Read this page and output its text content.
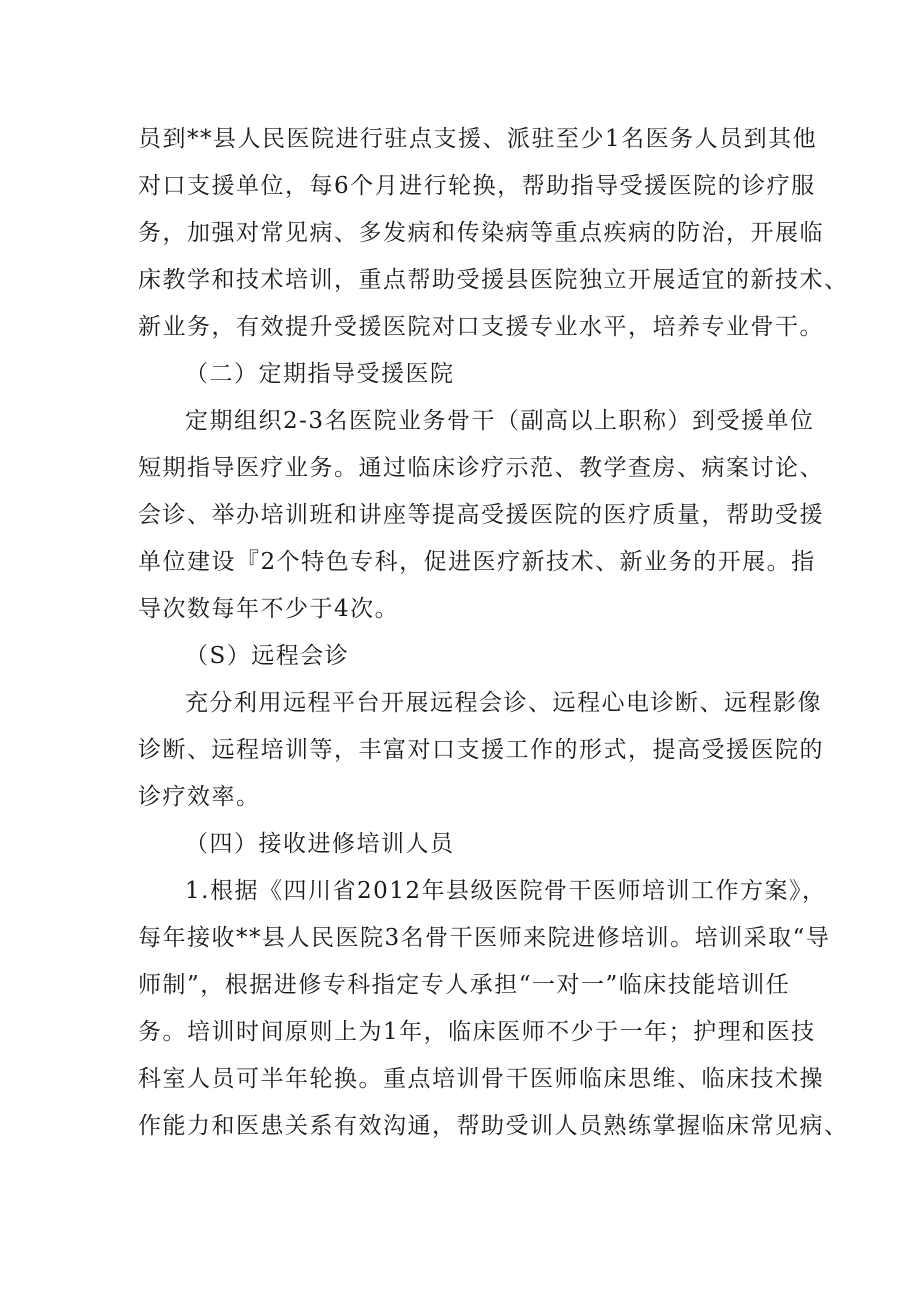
员到**县人民医院进行驻点支援、派驻至少1名医务人员到其他
对口支援单位，每6个月进行轮换，帮助指导受援医院的诊疗服
务，加强对常见病、多发病和传染病等重点疾病的防治，开展临
床教学和技术培训，重点帮助受援县医院独立开展适宜的新技术、
新业务，有效提升受援医院对口支援专业水平，培养专业骨干。
（二）定期指导受援医院
定期组织2-3名医院业务骨干（副高以上职称）到受援单位
短期指导医疗业务。通过临床诊疗示范、教学查房、病案讨论、
会诊、举办培训班和讲座等提高受援医院的医疗质量，帮助受援
单位建设『2个特色专科，促进医疗新技术、新业务的开展。指
导次数每年不少于4次。
（S）远程会诊
充分利用远程平台开展远程会诊、远程心电诊断、远程影像
诊断、远程培训等，丰富对口支援工作的形式，提高受援医院的
诊疗效率。
（四）接收进修培训人员
1.根据《四川省2012年县级医院骨干医师培训工作方案》，
每年接收**县人民医院3名骨干医师来院进修培训。培训采取“导
师制”，根据进修专科指定专人承担“一对一”临床技能培训任
务。培训时间原则上为1年，临床医师不少于一年；护理和医技
科室人员可半年轮换。重点培训骨干医师临床思维、临床技术操
作能力和医患关系有效沟通，帮助受训人员熟练掌握临床常见病、
